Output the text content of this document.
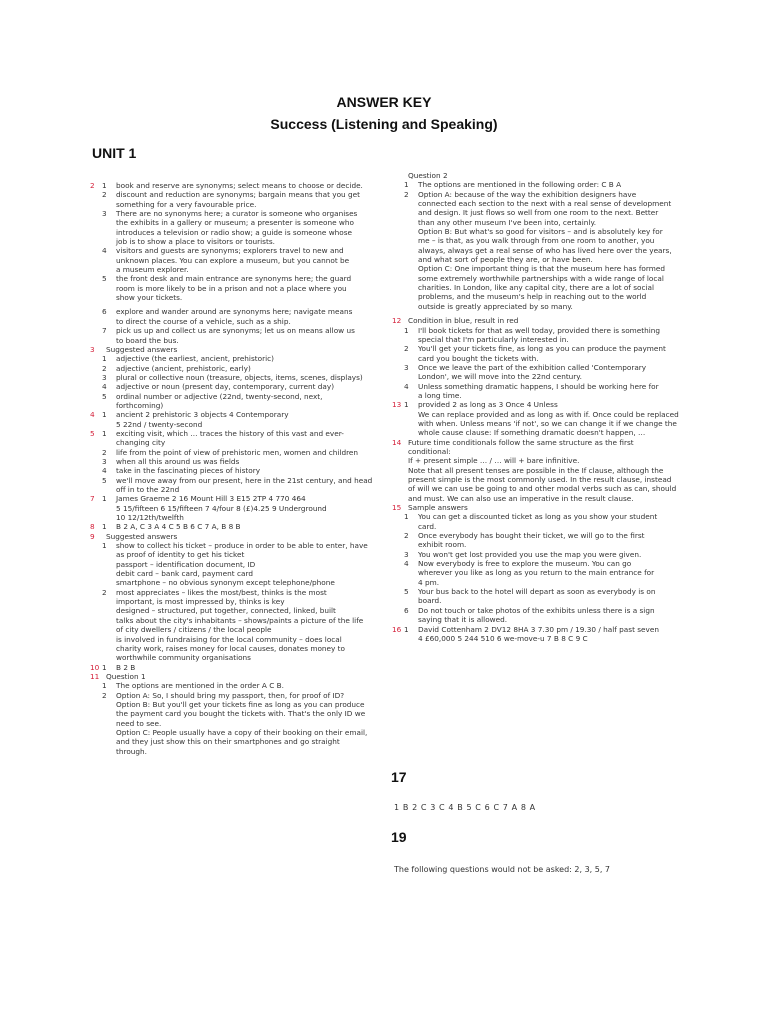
ANSWER KEY
Success (Listening and Speaking)
UNIT 1
2 1 book and reserve are synonyms; select means to choose or decide.
2 discount and reduction are synonyms; bargain means that you get
something for a very favourable price.
3 There are no synonyms here; a curator is someone who organises
the exhibits in a gallery or museum; a presenter is someone who
introduces a television or radio show; a guide is someone whose
job is to show a place to visitors or tourists.
4 visitors and guests are synonyms; explorers travel to new and
unknown places. You can explore a museum, but you cannot be
a museum explorer.
5 the front desk and main entrance are synonyms here; the guard
room is more likely to be in a prison and not a place where you
show your tickets.
6 explore and wander around are synonyms here; navigate means
to direct the course of a vehicle, such as a ship.
7 pick us up and collect us are synonyms; let us on means allow us
to board the bus.
3 Suggested answers
1 adjective (the earliest, ancient, prehistoric)
2 adjective (ancient, prehistoric, early)
3 plural or collective noun (treasure, objects, items, scenes, displays)
4 adjective or noun (present day, contemporary, current day)
5 ordinal number or adjective (22nd, twenty-second, next,
forthcoming)
4 1 ancient 2 prehistoric 3 objects 4 Contemporary
5 22nd / twenty-second
5 1 exciting visit, which … traces the history of this vast and ever-
changing city
2 life from the point of view of prehistoric men, women and children
3 when all this around us was fields
4 take in the fascinating pieces of history
5 we'll move away from our present, here in the 21st century, and head
off in to the 22nd
7 1 James Graeme 2 16 Mount Hill 3 E15 2TP 4 770 464
5 15/fifteen 6 15/fifteen 7 4/four 8 (£)4.25 9 Underground
10 12/12th/twelfth
8 1 B 2 A, C 3 A 4 C 5 B 6 C 7 A, B 8 B
9 Suggested answers
1 show to collect his ticket – produce in order to be able to enter, have
as proof of identity to get his ticket
passport – identification document, ID
debit card – bank card, payment card
smartphone – no obvious synonym except telephone/phone
2 most appreciates – likes the most/best, thinks is the most
important, is most impressed by, thinks is key
designed – structured, put together, connected, linked, built
talks about the city's inhabitants – shows/paints a picture of the life
of city dwellers / citizens / the local people
is involved in fundraising for the local community – does local
charity work, raises money for local causes, donates money to
worthwhile community organisations
10 1 B 2 B
11 Question 1
1 The options are mentioned in the order A C B.
2 Option A: So, I should bring my passport, then, for proof of ID?
Option B: But you'll get your tickets fine as long as you can produce
the payment card you bought the tickets with. That's the only ID we
need to see.
Option C: People usually have a copy of their booking on their email,
and they just show this on their smartphones and go straight
through.
Question 2
1 The options are mentioned in the following order: C B A
2 Option A: because of the way the exhibition designers have
connected each section to the next with a real sense of development
and design. It just flows so well from one room to the next. Better
than any other museum I've been into, certainly.
Option B: But what's so good for visitors – and is absolutely key for
me – is that, as you walk through from one room to another, you
always, always get a real sense of who has lived here over the years,
and what sort of people they are, or have been.
Option C: One important thing is that the museum here has formed
some extremely worthwhile partnerships with a wide range of local
charities. In London, like any capital city, there are a lot of social
problems, and the museum's help in reaching out to the world
outside is greatly appreciated by so many.
12 Condition in blue, result in red
1 I'll book tickets for that as well today, provided there is something
special that I'm particularly interested in.
2 You'll get your tickets fine, as long as you can produce the payment
card you bought the tickets with.
3 Once we leave the part of the exhibition called 'Contemporary
London', we will move into the 22nd century.
4 Unless something dramatic happens, I should be working here for
a long time.
13 1 provided 2 as long as 3 Once 4 Unless
We can replace provided and as long as with if. Once could be replaced
with when. Unless means 'if not', so we can change it if we change the
whole cause clause: If something dramatic doesn't happen, …
14 Future time conditionals follow the same structure as the first
conditional:
If + present simple … / … will + bare infinitive.
Note that all present tenses are possible in the If clause, although the
present simple is the most commonly used. In the result clause, instead
of will we can use be going to and other modal verbs such as can, should
and must. We can also use an imperative in the result clause.
15 Sample answers
1 You can get a discounted ticket as long as you show your student
card.
2 Once everybody has bought their ticket, we will go to the first
exhibit room.
3 You won't get lost provided you use the map you were given.
4 Now everybody is free to explore the museum. You can go
wherever you like as long as you return to the main entrance for
4 pm.
5 Your bus back to the hotel will depart as soon as everybody is on
board.
6 Do not touch or take photos of the exhibits unless there is a sign
saying that it is allowed.
16 1 David Cottenham 2 DV12 8HA 3 7.30 pm / 19.30 / half past seven
4 £60,000 5 244 510 6 we-move-u 7 B 8 C 9 C
17
1 B 2 C 3 C 4 B 5 C 6 C 7 A 8 A
19
The following questions would not be asked: 2, 3, 5, 7
